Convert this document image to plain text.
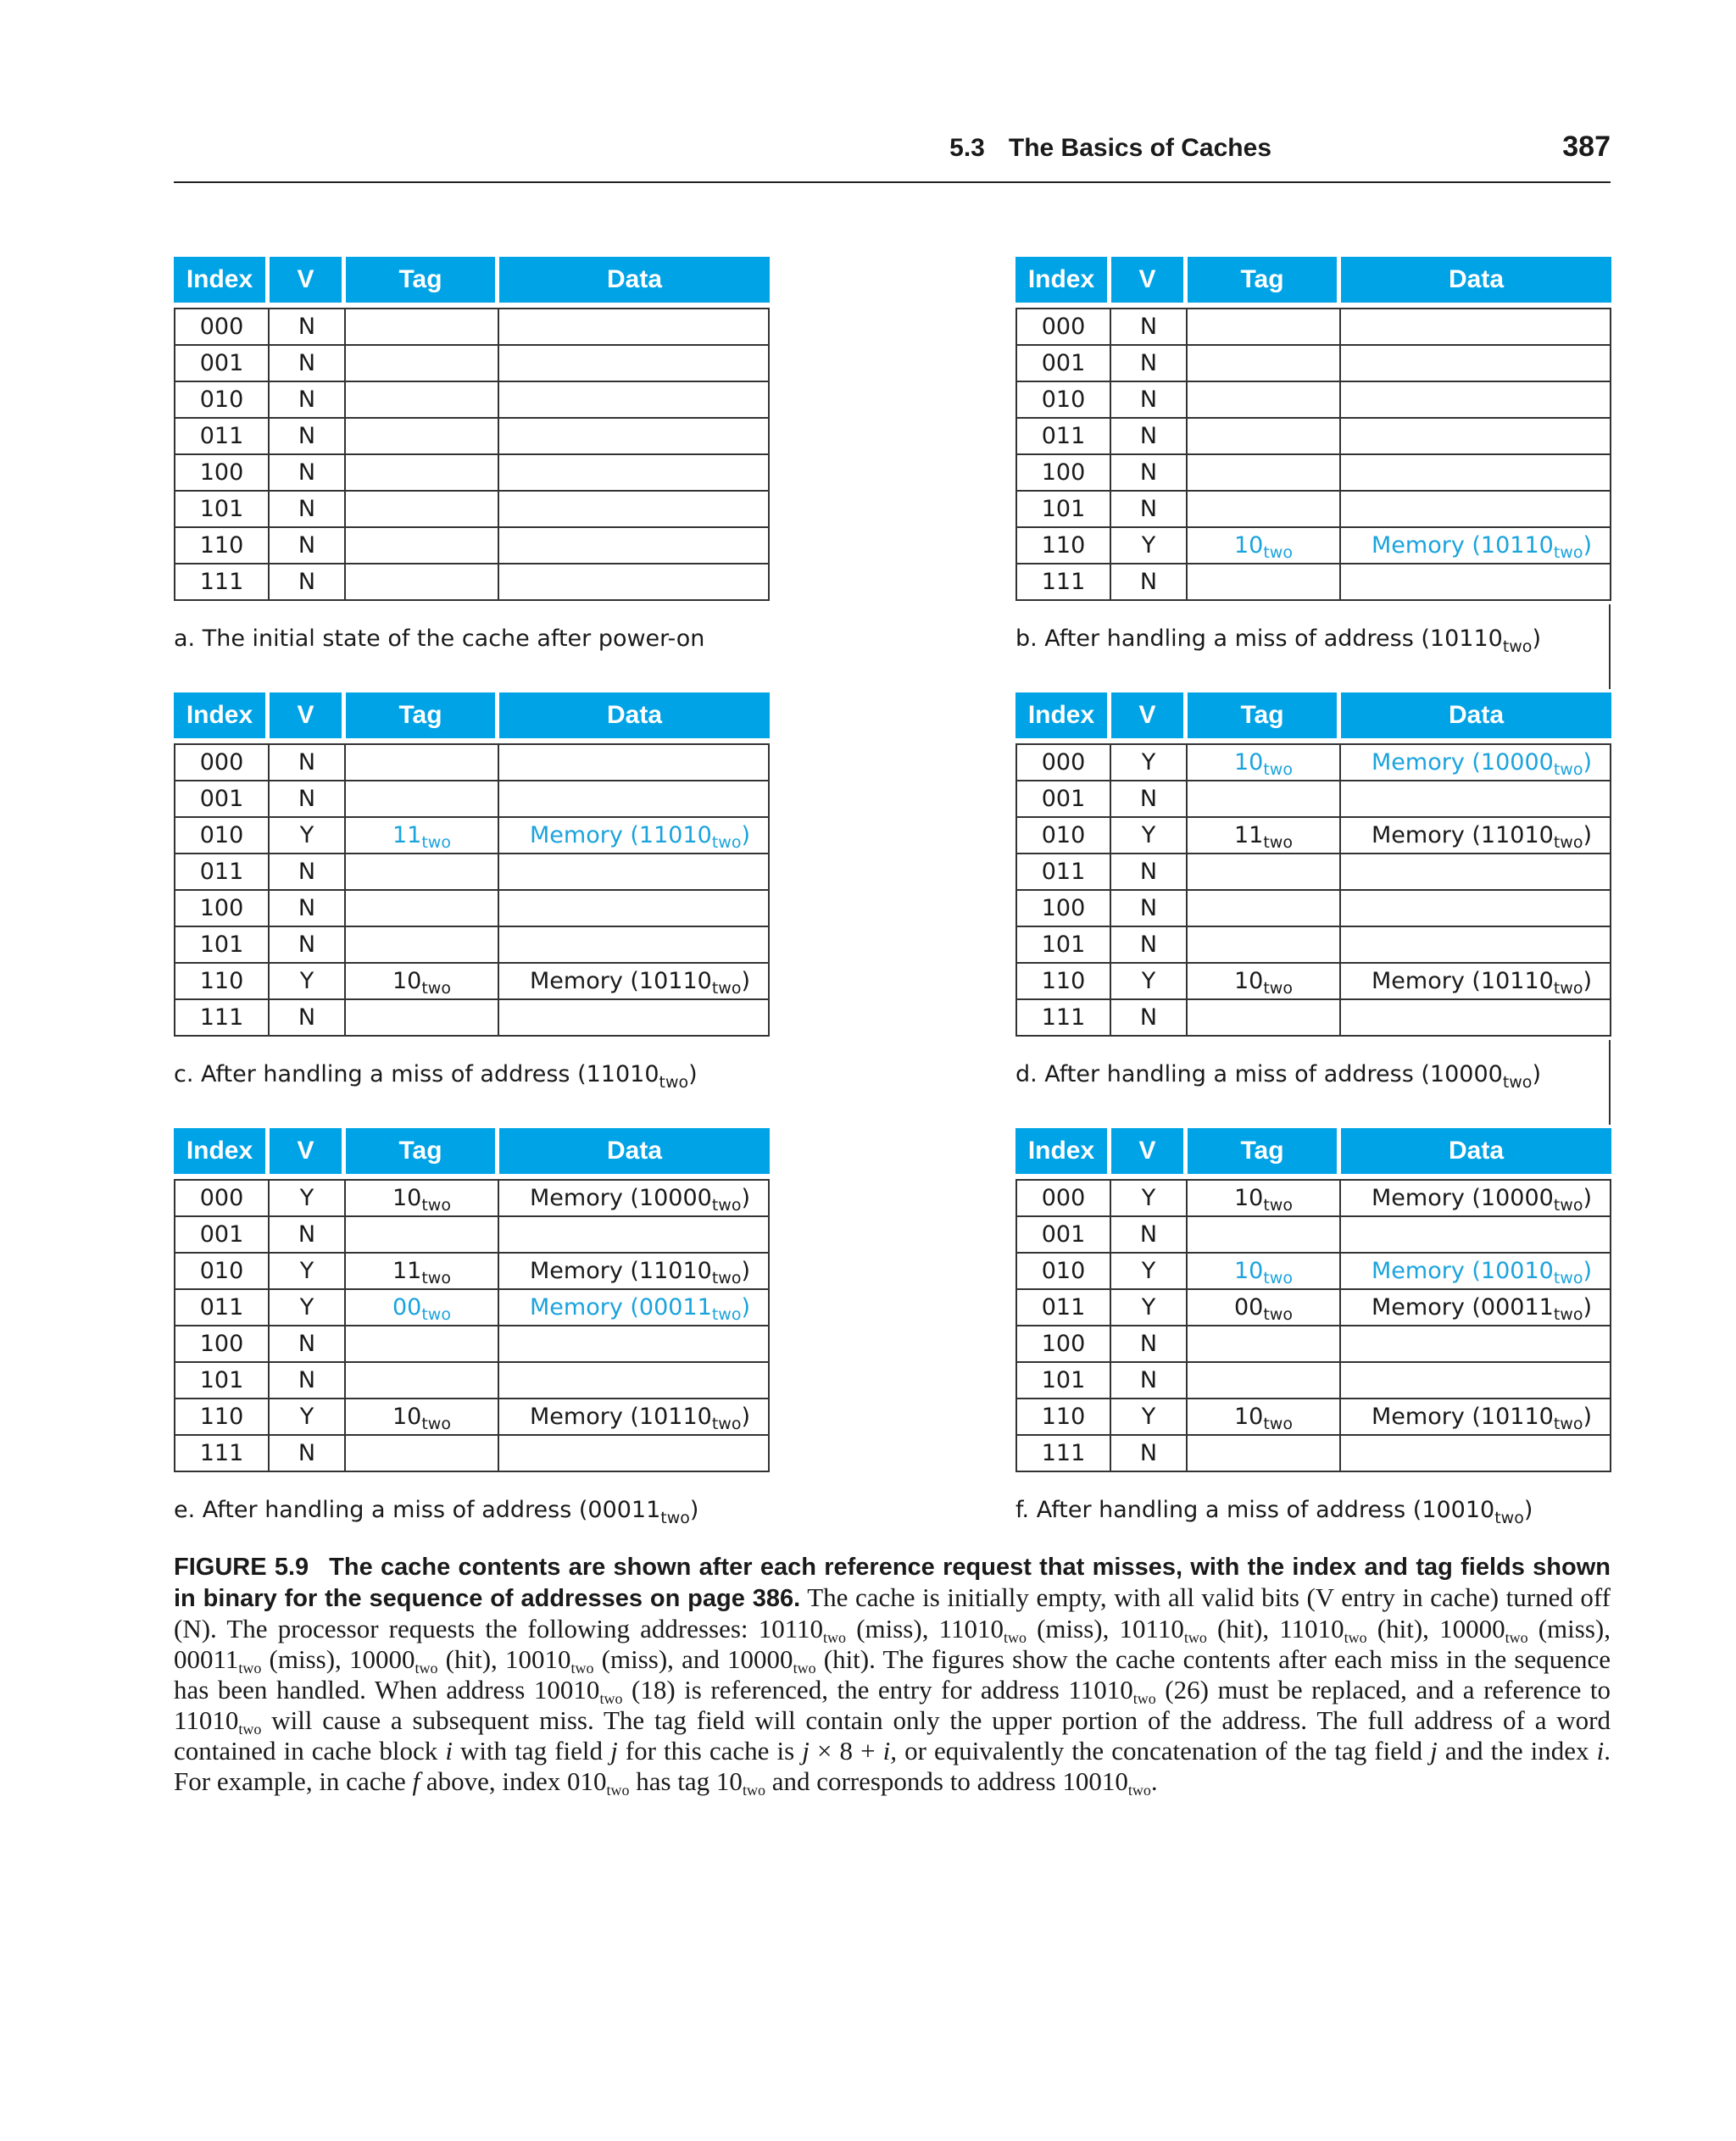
5.3 The Basics of Caches	387
Index	V	Tag	Data

000	N		
001	N		
010	N		
011	N		
100	N		
101	N		
110	N		
111	N		
a. The initial state of the cache after power-on
Index	V	Tag	Data

000	N		
001	N		
010	N		
011	N		
100	N		
101	N		
110	Y	$10_{two}$	Memory $(10110_{two})$
111	N		
b. After handling a miss of address $(10110_{two})$
Index	V	Tag	Data

000	N		
001	N		
010	Y	$11_{two}$	Memory $(11010_{two})$
011	N		
100	N		
101	N		
110	Y	$10_{two}$	Memory $(10110_{two})$
111	N		
c. After handling a miss of address $(11010_{two})$
Index	V	Tag	Data

000	Y	$10_{two}$	Memory $(10000_{two})$
001	N		
010	Y	$11_{two}$	Memory $(11010_{two})$
011	N		
100	N		
101	N		
110	Y	$10_{two}$	Memory $(10110_{two})$
111	N		
d. After handling a miss of address $(10000_{two})$
Index	V	Tag	Data

000	Y	$10_{two}$	Memory $(10000_{two})$
001	N		
010	Y	$11_{two}$	Memory $(11010_{two})$
011	Y	$00_{two}$	Memory $(00011_{two})$
100	N		
101	N		
110	Y	$10_{two}$	Memory $(10110_{two})$
111	N		
e. After handling a miss of address $(00011_{two})$
Index	V	Tag	Data

000	Y	$10_{two}$	Memory $(10000_{two})$
001	N		
010	Y	$10_{two}$	Memory $(10010_{two})$
011	Y	$00_{two}$	Memory $(00011_{two})$
100	N		
101	N		
110	Y	$10_{two}$	Memory $(10110_{two})$
111	N		
f. After handling a miss of address $(10010_{two})$
FIGURE 5.9 The cache contents are shown after each reference request that misses, with the index and tag fields shown in binary for the sequence of addresses on page 386. The cache is initially empty, with all valid bits (V entry in cache) turned off (N). The processor requests the following addresses: $10110_{two}$ (miss), $11010_{two}$ (miss), $10110_{two}$ (hit), $11010_{two}$ (hit), $10000_{two}$ (miss), $00011_{two}$ (miss), $10000_{two}$ (hit), $10010_{two}$ (miss), and $10000_{two}$ (hit). The figures show the cache contents after each miss in the sequence has been handled. When address $10010_{two}$ (18) is referenced, the entry for address $11010_{two}$ (26) must be replaced, and a reference to $11010_{two}$ will cause a subsequent miss. The tag field will contain only the upper portion of the address. The full address of a word contained in cache block i with tag field j for this cache is j × 8 + i, or equivalently the concatenation of the tag field j and the index i. For example, in cache f above, index $010_{two}$ has tag $10_{two}$ and corresponds to address $10010_{two}$.
